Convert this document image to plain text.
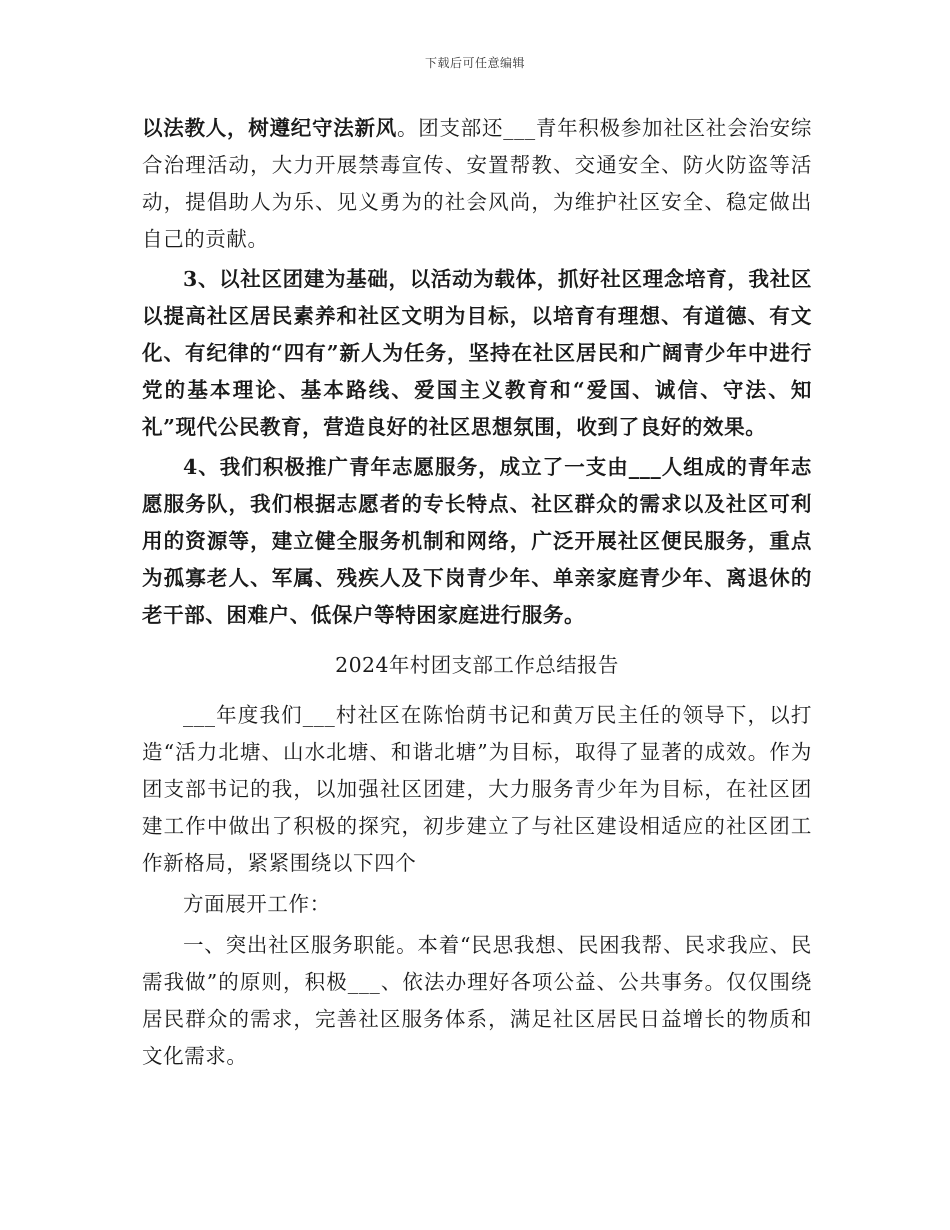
下载后可任意编辑

以法教人，树遵纪守法新风。团支部还___青年积极参加社区社会治安综合治理活动，大力开展禁毒宣传、安置帮教、交通安全、防火防盗等活动，提倡助人为乐、见义勇为的社会风尚，为维护社区安全、稳定做出自己的贡献。

3、以社区团建为基础，以活动为载体，抓好社区理念培育，我社区以提高社区居民素养和社区文明为目标，以培育有理想、有道德、有文化、有纪律的“四有”新人为任务，坚持在社区居民和广阔青少年中进行党的基本理论、基本路线、爱国主义教育和“爱国、诚信、守法、知礼”现代公民教育，营造良好的社区思想氛围，收到了良好的效果。

4、我们积极推广青年志愿服务，成立了一支由___人组成的青年志愿服务队，我们根据志愿者的专长特点、社区群众的需求以及社区可利用的资源等，建立健全服务机制和网络，广泛开展社区便民服务，重点为孤寡老人、军属、残疾人及下岗青少年、单亲家庭青少年、离退休的老干部、困难户、低保户等特困家庭进行服务。

2024年村团支部工作总结报告

___年度我们___村社区在陈怡荫书记和黄万民主任的领导下，以打造“活力北塘、山水北塘、和谐北塘”为目标，取得了显著的成效。作为团支部书记的我，以加强社区团建，大力服务青少年为目标，在社区团建工作中做出了积极的探究，初步建立了与社区建设相适应的社区团工作新格局，紧紧围绕以下四个

方面展开工作：

一、突出社区服务职能。本着“民思我想、民困我帮、民求我应、民需我做”的原则，积极___、依法办理好各项公益、公共事务。仅仅围绕居民群众的需求，完善社区服务体系，满足社区居民日益增长的物质和文化需求。
